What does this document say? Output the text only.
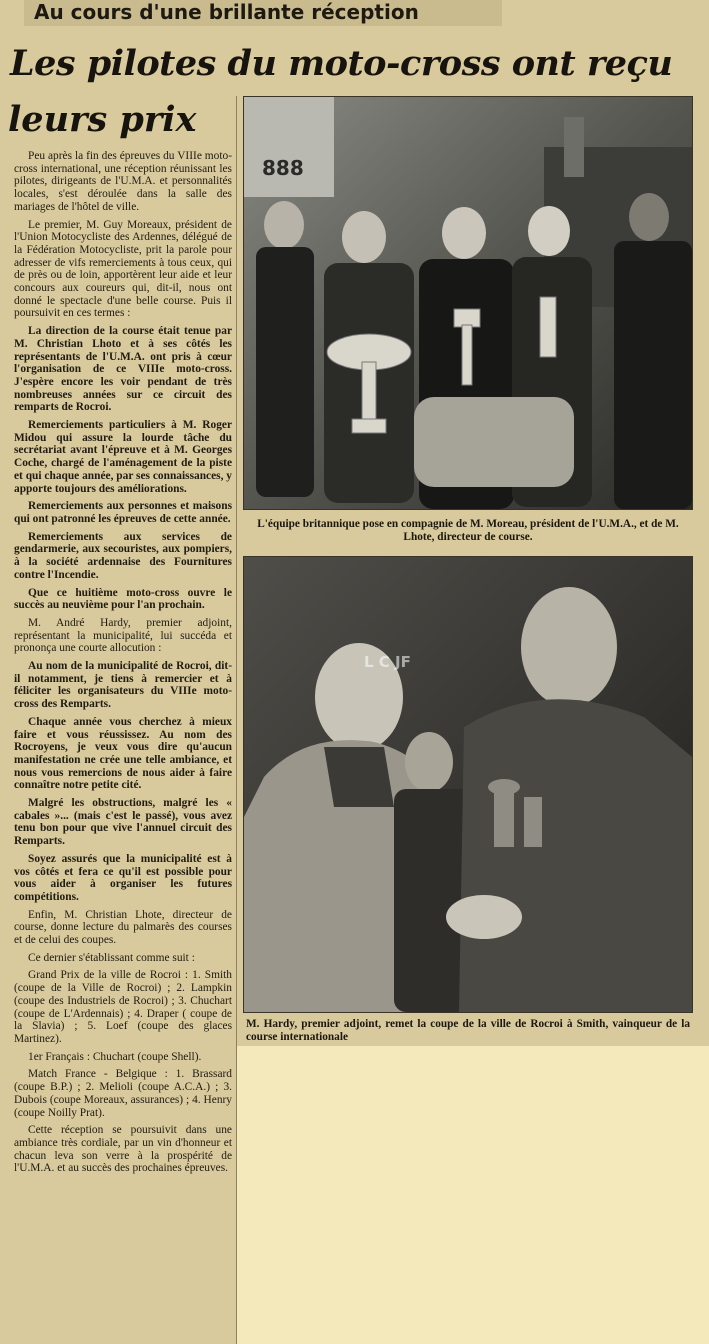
Au cours d'une brillante réception
Les pilotes du moto-cross ont reçu
leurs prix

Peu après la fin des épreuves du VIIIe moto-cross international, une réception réunissant les pilotes, dirigeants de l'U.M.A. et personnalités locales, s'est déroulée dans la salle des mariages de l'hôtel de ville.

Le premier, M. Guy Moreaux, président de l'Union Motocycliste des Ardennes, délégué de la Fédération Motocycliste, prit la parole pour adresser de vifs remerciements à tous ceux, qui de près ou de loin, apportèrent leur aide et leur concours aux coureurs qui, dit-il, nous ont donné le spectacle d'une belle course. Puis il poursuivit en ces termes :

La direction de la course était tenue par M. Christian Lhoto et à ses côtés les représentants de l'U.M.A. ont pris à cœur l'organisation de ce VIIIe moto-cross. J'espère encore les voir pendant de très nombreuses années sur ce circuit des remparts de Rocroi.

Remerciements particuliers à M. Roger Midou qui assure la lourde tâche du secrétariat avant l'épreuve et à M. Georges Coche, chargé de l'aménagement de la piste et qui chaque année, par ses connaissances, y apporte toujours des améliorations.

Remerciements aux personnes et maisons qui ont patronné les épreuves de cette année.

Remerciements aux services de gendarmerie, aux secouristes, aux pompiers, à la société ardennaise des Fournitures contre l'Incendie.

Que ce huitième moto-cross ouvre le succès au neuvième pour l'an prochain.

M. André Hardy, premier adjoint, représentant la municipalité, lui succéda et prononça une courte allocution :

Au nom de la municipalité de Rocroi, dit-il notamment, je tiens à remercier et à féliciter les organisateurs du VIIIe moto-cross des Remparts.

Chaque année vous cherchez à mieux faire et vous réussissez. Au nom des Rocroyens, je veux vous dire qu'aucun manifestation ne crée une telle ambiance, et nous vous remercions de nous aider à faire connaître notre petite cité.

Malgré les obstructions, malgré les « cabales »... (mais c'est le passé), vous avez tenu bon pour que vive l'annuel circuit des Remparts.

Soyez assurés que la municipalité est à vos côtés et fera ce qu'il est possible pour vous aider à organiser les futures compétitions.

Enfin, M. Christian Lhote, directeur de course, donne lecture du palmarès des courses et de celui des coupes.

Ce dernier s'établissant comme suit :

Grand Prix de la ville de Rocroi : 1. Smith (coupe de la Ville de Rocroi) ; 2. Lampkin (coupe des Industriels de Rocroi) ; 3. Chuchart (coupe de L'Ardennais) ; 4. Draper ( coupe de la Slavia) ; 5. Loef (coupe des glaces Martinez).

1er Français : Chuchart (coupe Shell).

Match France - Belgique : 1. Brassard (coupe B.P.) ; 2. Melioli (coupe A.C.A.) ; 3. Dubois (coupe Moreaux, assurances) ; 4. Henry (coupe Noilly Prat).

Cette réception se poursuivit dans une ambiance très cordiale, par un vin d'honneur et chacun leva son verre à la prospérité de l'U.M.A. et au succès des prochaines épreuves.

888
L'équipe britannique pose en compagnie de M. Moreau, président de l'U.M.A., et de M. Lhote, directeur de course.
L C JF
M. Hardy, premier adjoint, remet la coupe de la ville de Rocroi à Smith, vainqueur de la course internationale
